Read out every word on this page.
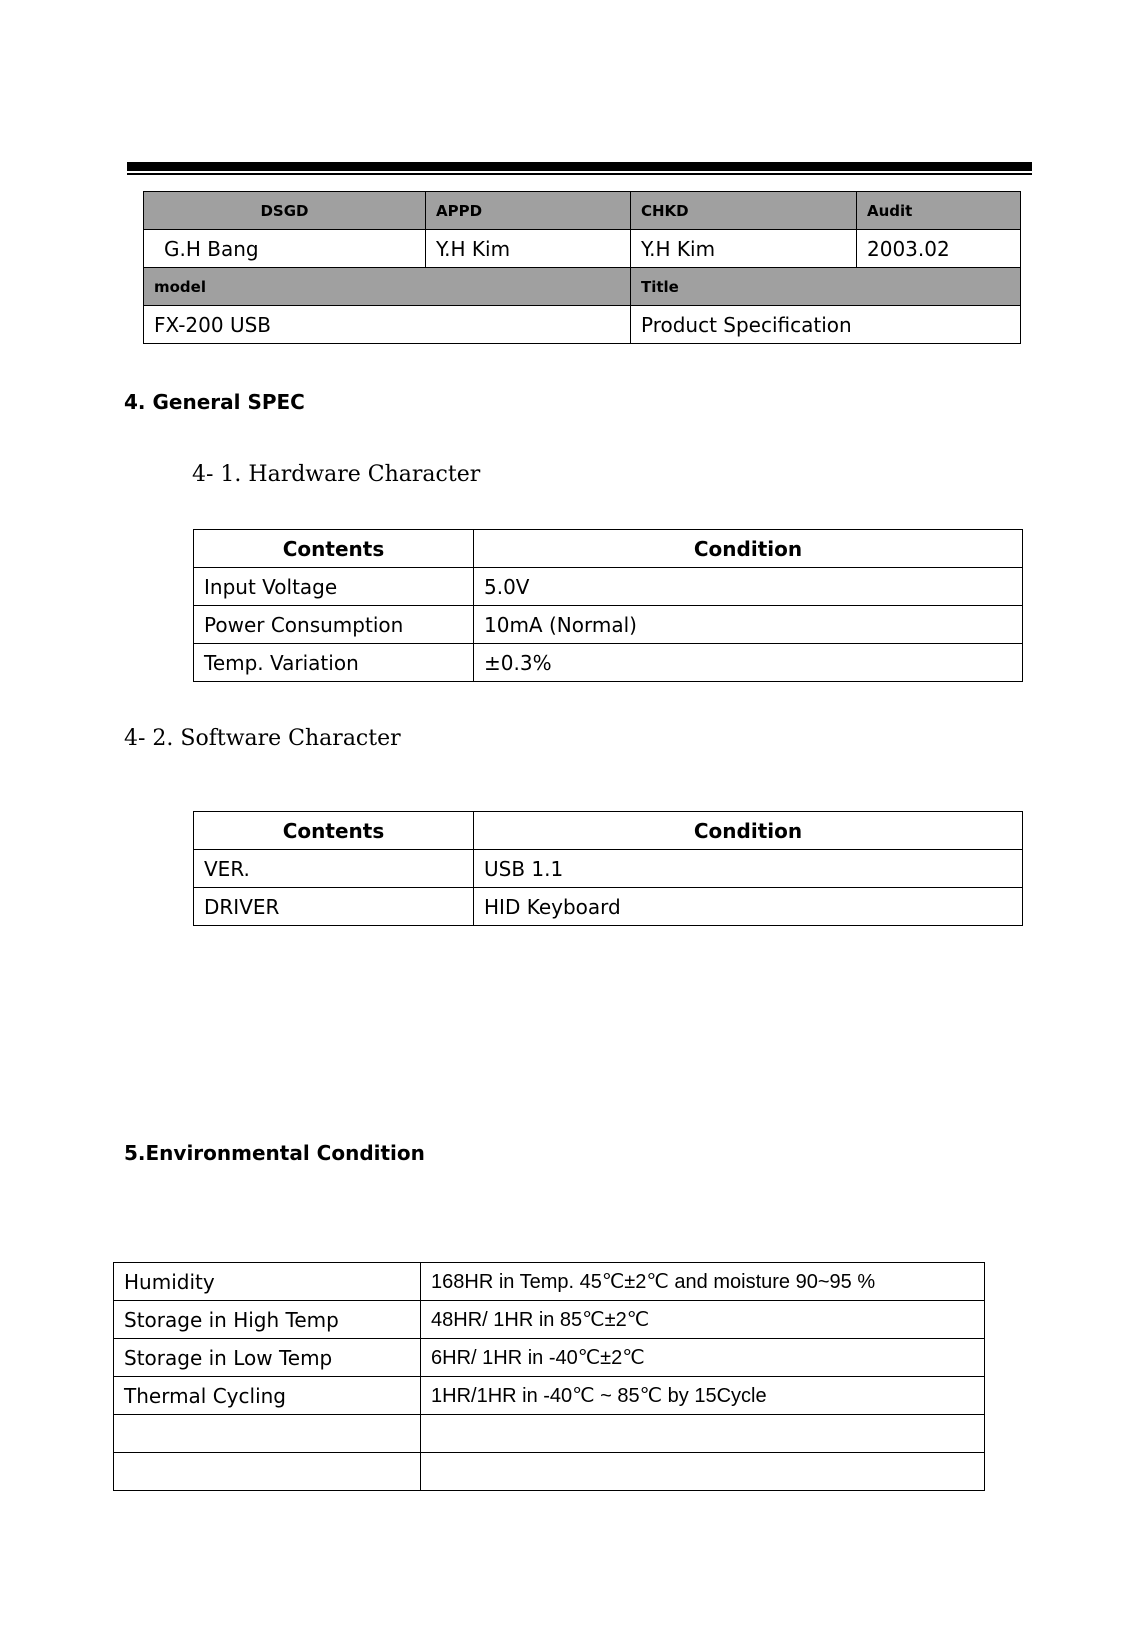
DSGD	APPD	CHKD	Audit
G.H Bang	Y.H Kim	Y.H Kim	2003.02
model		Title	
FX-200 USB		Product Specification	
4. General SPEC
4- 1. Hardware Character
Contents	Condition
Input Voltage	5.0V
Power Consumption	10mA (Normal)
Temp. Variation	±0.3%
4- 2. Software Character
Contents	Condition
VER.	USB 1.1
DRIVER	HID Keyboard
5.Environmental Condition
Humidity	168HR in Temp. 45℃±2℃ and moisture 90~95 %
Storage in High Temp	48HR/ 1HR in 85℃±2℃
Storage in Low Temp	6HR/ 1HR in -40℃±2℃
Thermal Cycling	1HR/1HR in -40℃ ~ 85℃ by 15Cycle
